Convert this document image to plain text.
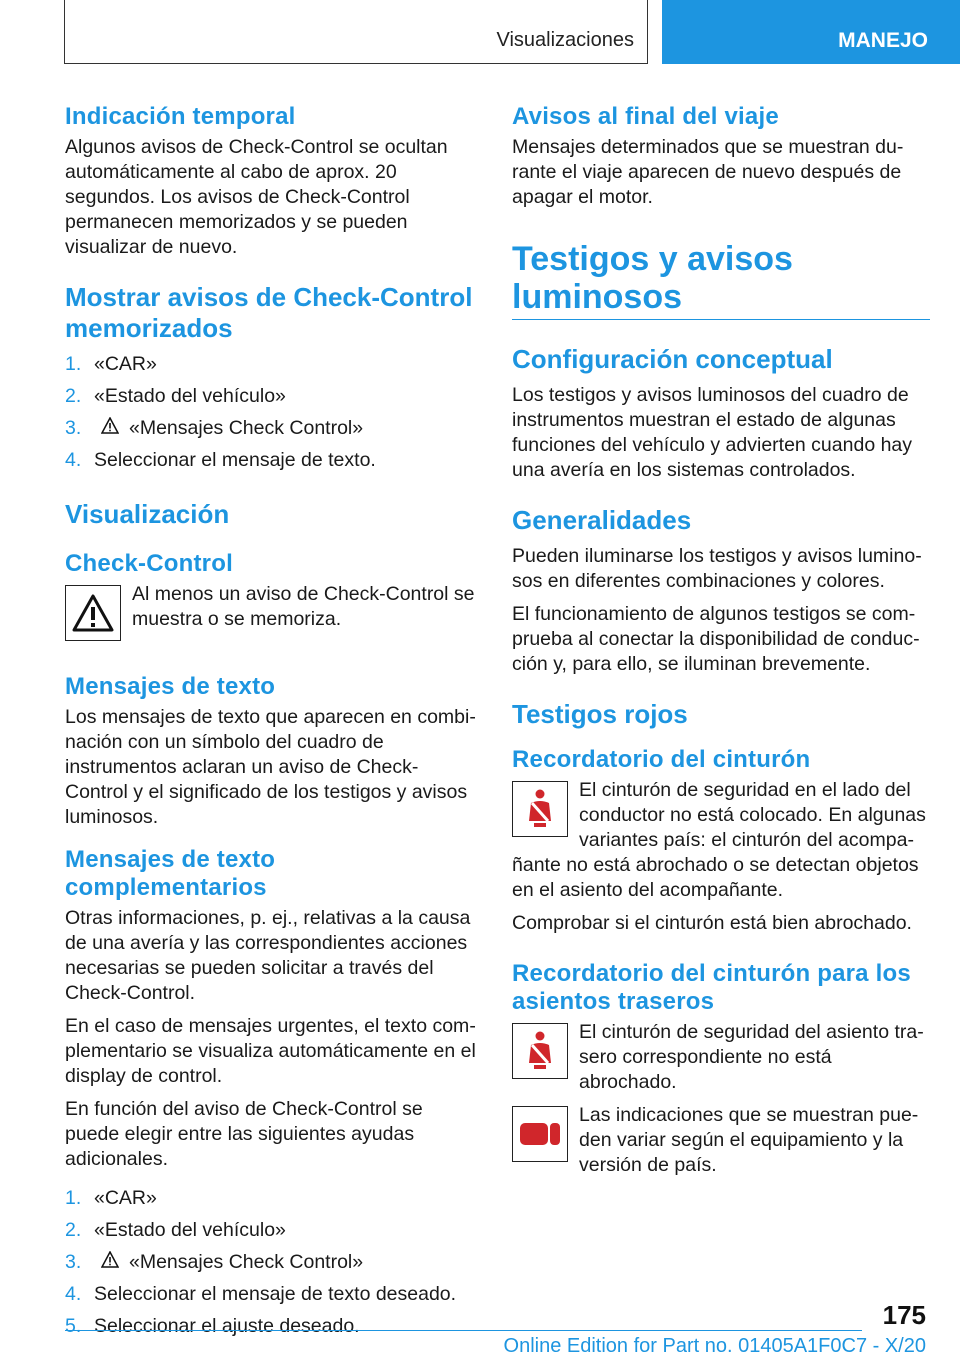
Visualizaciones	MANEJO
Indicación temporal

Algunos avisos de Check-Control se ocultan automáticamente al cabo de aprox. 20 segundos. Los avisos de Check-Control permanecen memorizados y se pueden visualizar de nuevo.

Mostrar avisos de Check-Control memorizados
1. «CAR»
2. «Estado del vehículo»
3.	«Mensajes Check Control»
4. Seleccionar el mensaje de texto.
Visualización
Check-Control

Al menos un aviso de Check-Control se muestra o se memoriza.

Mensajes de texto

Los mensajes de texto que aparecen en combinación con un símbolo del cuadro de instrumentos aclaran un aviso de Check-Control y el significado de los testigos y avisos luminosos.

Mensajes de texto complementarios

Otras informaciones, p. ej., relativas a la causa de una avería y las correspondientes acciones necesarias se pueden solicitar a través del Check-Control.

En el caso de mensajes urgentes, el texto complementario se visualiza automáticamente en el display de control.

En función del aviso de Check-Control se puede elegir entre las siguientes ayudas adicionales.

1. «CAR»
2. «Estado del vehículo»
3.	«Mensajes Check Control»
4. Seleccionar el mensaje de texto deseado.
5. Seleccionar el ajuste deseado.
Avisos al final del viaje

Mensajes determinados que se muestran durante el viaje aparecen de nuevo después de apagar el motor.

Testigos y avisos luminosos
Configuración conceptual

Los testigos y avisos luminosos del cuadro de instrumentos muestran el estado de algunas funciones del vehículo y advierten cuando hay una avería en los sistemas controlados.

Generalidades

Pueden iluminarse los testigos y avisos luminosos en diferentes combinaciones y colores.

El funcionamiento de algunos testigos se comprueba al conectar la disponibilidad de conducción y, para ello, se iluminan brevemente.

Testigos rojos
Recordatorio del cinturón

El cinturón de seguridad en el lado del conductor no está colocado. En algunas variantes país: el cinturón del acompañante no está abrochado o se detectan objetos en el asiento del acompañante.

Comprobar si el cinturón está bien abrochado.

Recordatorio del cinturón para los asientos traseros

El cinturón de seguridad del asiento trasero correspondiente no está abrochado.

Las indicaciones que se muestran pueden variar según el equipamiento y la versión de país.

175
Online Edition for Part no. 01405A1F0C7 - X/20
